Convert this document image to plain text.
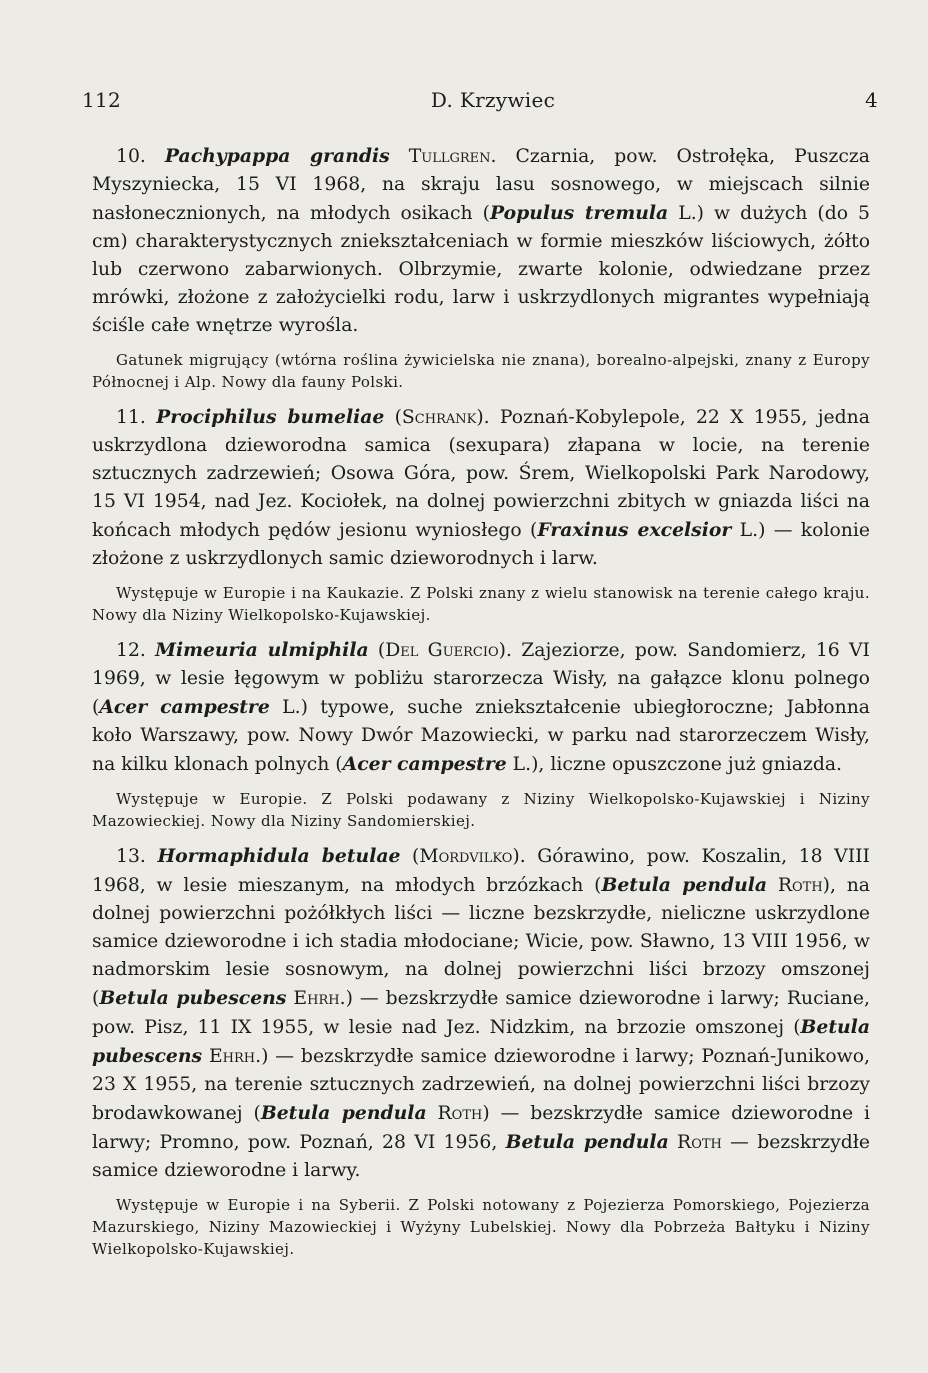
112	D. Krzywiec	4

10. Pachypappa grandis Tullgren. Czarnia, pow. Ostrołęka, Puszcza Myszyniecka, 15 VI 1968, na skraju lasu sosnowego, w miejscach silnie nasłonecznionych, na młodych osikach (Populus tremula L.) w dużych (do 5 cm) charakterystycznych zniekształceniach w formie mieszków liściowych, żółto lub czerwono zabarwionych. Olbrzymie, zwarte kolonie, odwiedzane przez mrówki, złożone z założycielki rodu, larw i uskrzydlonych migrantes wypełniają ściśle całe wnętrze wyrośla.

Gatunek migrujący (wtórna roślina żywicielska nie znana), borealno-alpejski, znany z Europy Północnej i Alp. Nowy dla fauny Polski.

11. Prociphilus bumeliae (Schrank). Poznań-Kobylepole, 22 X 1955, jedna uskrzydlona dzieworodna samica (sexupara) złapana w locie, na terenie sztucznych zadrzewień; Osowa Góra, pow. Śrem, Wielkopolski Park Narodowy, 15 VI 1954, nad Jez. Kociołek, na dolnej powierzchni zbitych w gniazda liści na końcach młodych pędów jesionu wyniosłego (Fraxinus excelsior L.) — kolonie złożone z uskrzydlonych samic dzieworodnych i larw.

Występuje w Europie i na Kaukazie. Z Polski znany z wielu stanowisk na terenie całego kraju. Nowy dla Niziny Wielkopolsko-Kujawskiej.

12. Mimeuria ulmiphila (Del Guercio). Zajeziorze, pow. Sandomierz, 16 VI 1969, w lesie łęgowym w pobliżu starorzecza Wisły, na gałązce klonu polnego (Acer campestre L.) typowe, suche zniekształcenie ubiegłoroczne; Jabłonna koło Warszawy, pow. Nowy Dwór Mazowiecki, w parku nad starorzeczem Wisły, na kilku klonach polnych (Acer campestre L.), liczne opuszczone już gniazda.

Występuje w Europie. Z Polski podawany z Niziny Wielkopolsko-Kujawskiej i Niziny Mazowieckiej. Nowy dla Niziny Sandomierskiej.

13. Hormaphidula betulae (Mordvilko). Górawino, pow. Koszalin, 18 VIII 1968, w lesie mieszanym, na młodych brzózkach (Betula pendula Roth), na dolnej powierzchni pożółkłych liści — liczne bezskrzydłe, nieliczne uskrzydlone samice dzieworodne i ich stadia młodociane; Wicie, pow. Sławno, 13 VIII 1956, w nadmorskim lesie sosnowym, na dolnej powierzchni liści brzozy omszonej (Betula pubescens Ehrh.) — bezskrzydłe samice dzieworodne i larwy; Ruciane, pow. Pisz, 11 IX 1955, w lesie nad Jez. Nidzkim, na brzozie omszonej (Betula pubescens Ehrh.) — bezskrzydłe samice dzieworodne i larwy; Poznań-Junikowo, 23 X 1955, na terenie sztucznych zadrzewień, na dolnej powierzchni liści brzozy brodawkowanej (Betula pendula Roth) — bezskrzydłe samice dzieworodne i larwy; Promno, pow. Poznań, 28 VI 1956, Betula pendula Roth — bezskrzydłe samice dzieworodne i larwy.

Występuje w Europie i na Syberii. Z Polski notowany z Pojezierza Pomorskiego, Pojezierza Mazurskiego, Niziny Mazowieckiej i Wyżyny Lubelskiej. Nowy dla Pobrzeża Bałtyku i Niziny Wielkopolsko-Kujawskiej.
